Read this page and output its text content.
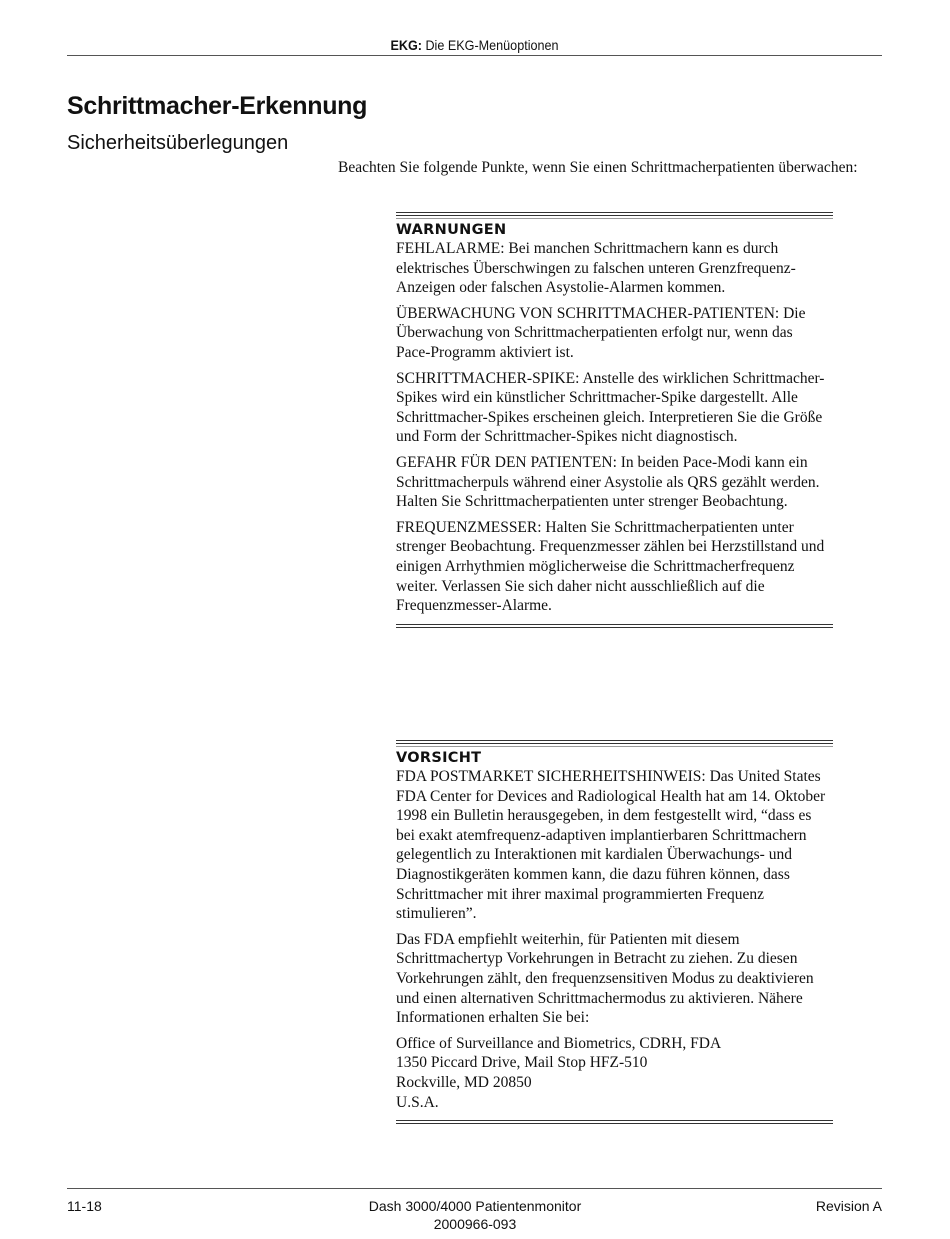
EKG: Die EKG-Menüoptionen
Schrittmacher-Erkennung
Sicherheitsüberlegungen

Beachten Sie folgende Punkte, wenn Sie einen Schrittmacherpatienten überwachen:

WARNUNGEN

FEHLALARME: Bei manchen Schrittmachern kann es durch elektrisches Überschwingen zu falschen unteren Grenzfrequenz-Anzeigen oder falschen Asystolie-Alarmen kommen.

ÜBERWACHUNG VON SCHRITTMACHER-PATIENTEN: Die Überwachung von Schrittmacherpatienten erfolgt nur, wenn das Pace-Programm aktiviert ist.

SCHRITTMACHER-SPIKE: Anstelle des wirklichen Schrittmacher-Spikes wird ein künstlicher Schrittmacher-Spike dargestellt. Alle Schrittmacher-Spikes erscheinen gleich. Interpretieren Sie die Größe und Form der Schrittmacher-Spikes nicht diagnostisch.

GEFAHR FÜR DEN PATIENTEN: In beiden Pace-Modi kann ein Schrittmacherpuls während einer Asystolie als QRS gezählt werden. Halten Sie Schrittmacherpatienten unter strenger Beobachtung.

FREQUENZMESSER: Halten Sie Schrittmacherpatienten unter strenger Beobachtung. Frequenzmesser zählen bei Herzstillstand und einigen Arrhythmien möglicherweise die Schrittmacherfrequenz weiter. Verlassen Sie sich daher nicht ausschließlich auf die Frequenzmesser-Alarme.

VORSICHT

FDA POSTMARKET SICHERHEITSHINWEIS: Das United States FDA Center for Devices and Radiological Health hat am 14. Oktober 1998 ein Bulletin herausgegeben, in dem festgestellt wird, “dass es bei exakt atemfrequenz-adaptiven implantierbaren Schrittmachern gelegentlich zu Interaktionen mit kardialen Überwachungs- und Diagnostikgeräten kommen kann, die dazu führen können, dass Schrittmacher mit ihrer maximal programmierten Frequenz stimulieren”.

Das FDA empfiehlt weiterhin, für Patienten mit diesem Schrittmachertyp Vorkehrungen in Betracht zu ziehen. Zu diesen Vorkehrungen zählt, den frequenzsensitiven Modus zu deaktivieren und einen alternativen Schrittmachermodus zu aktivieren. Nähere Informationen erhalten Sie bei:

Office of Surveillance and Biometrics, CDRH, FDA
1350 Piccard Drive, Mail Stop HFZ-510
Rockville, MD 20850
U.S.A.

11-18	Dash 3000/4000 Patientenmonitor
2000966-093
Revision A
